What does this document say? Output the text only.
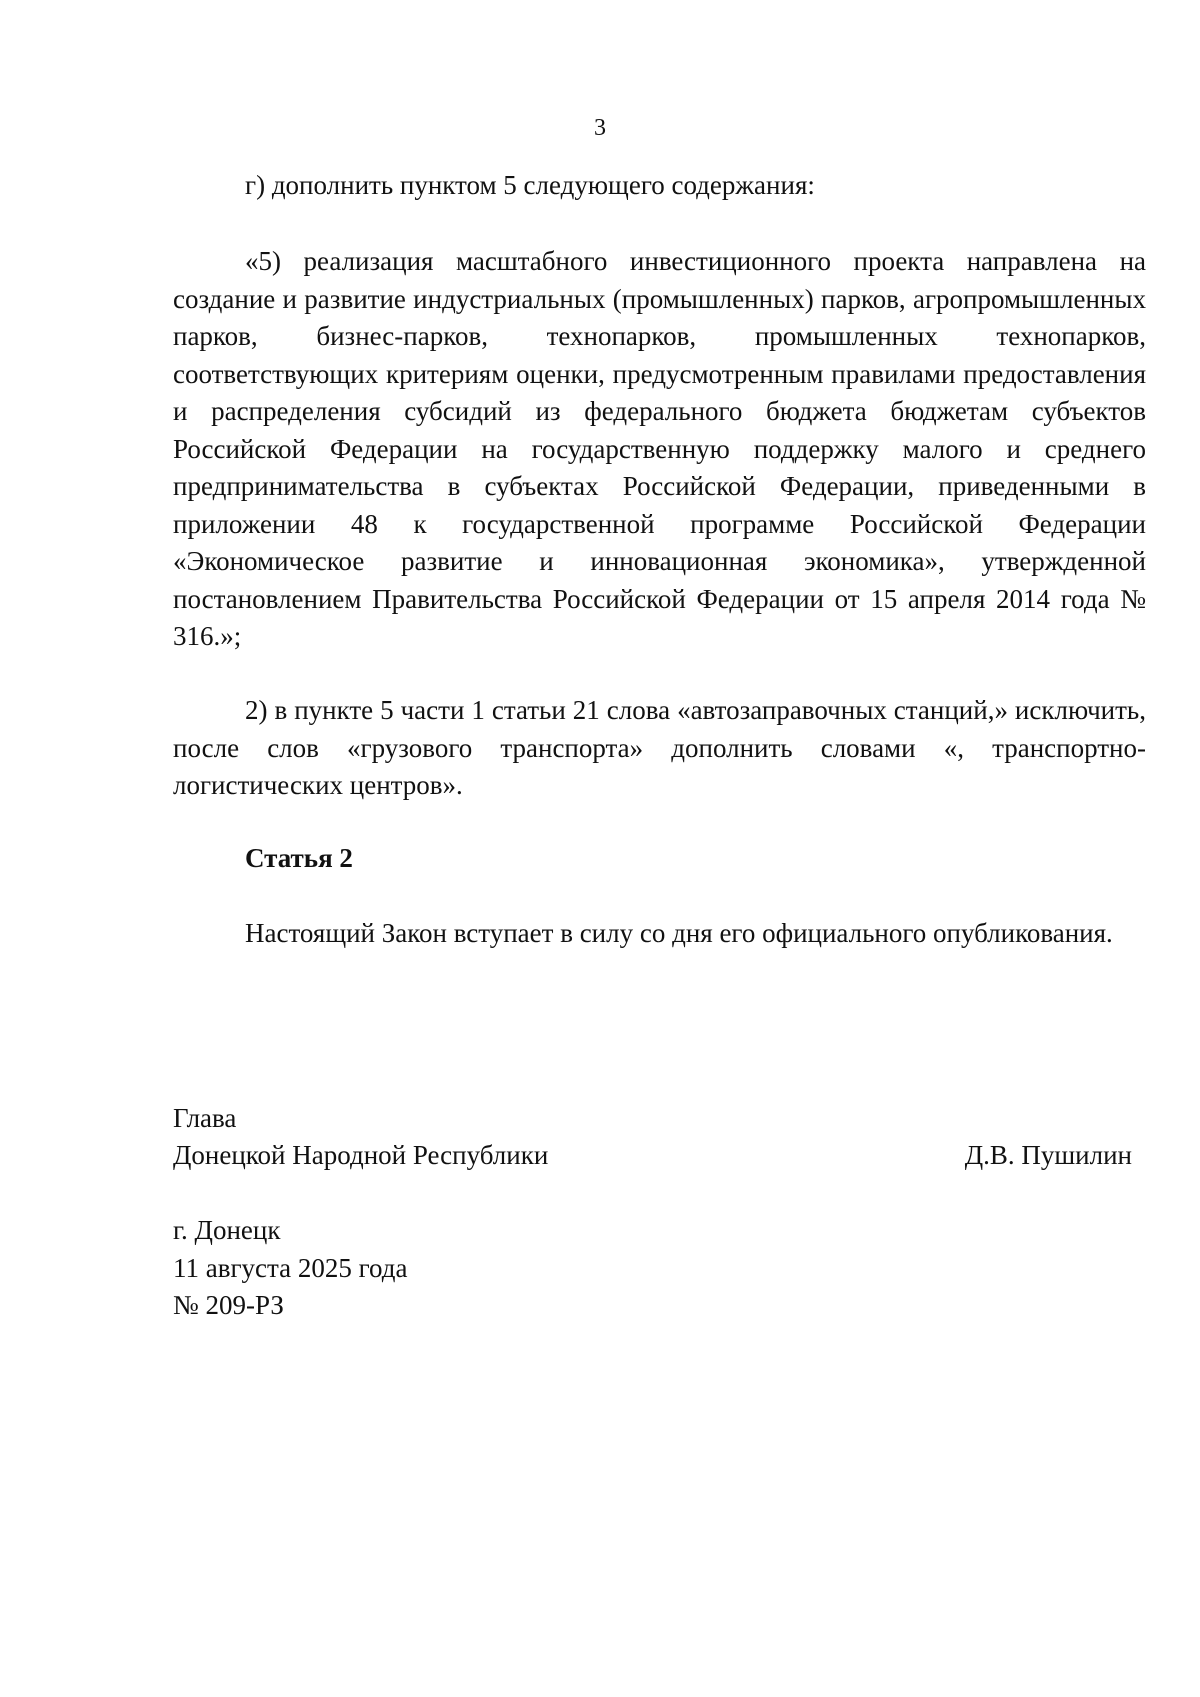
3

г) дополнить пунктом 5 следующего содержания:

«5) реализация масштабного инвестиционного проекта направлена на создание и развитие индустриальных (промышленных) парков, агропромышленных парков, бизнес-парков, технопарков, промышленных технопарков, соответствующих критериям оценки, предусмотренным правилами предоставления и распределения субсидий из федерального бюджета бюджетам субъектов Российской Федерации на государственную поддержку малого и среднего предпринимательства в субъектах Российской Федерации, приведенными в приложении 48 к государственной программе Российской Федерации «Экономическое развитие и инновационная экономика», утвержденной постановлением Правительства Российской Федерации от 15 апреля 2014 года № 316.»;

2) в пункте 5 части 1 статьи 21 слова «автозаправочных станций,» исключить, после слов «грузового транспорта» дополнить словами «, транспортно-логистических центров».

Статья 2

Настоящий Закон вступает в силу со дня его официального опубликования.

Глава
Донецкой Народной Республики	Д.В. Пушилин
г. Донецк
11 августа 2025 года
№ 209-РЗ
